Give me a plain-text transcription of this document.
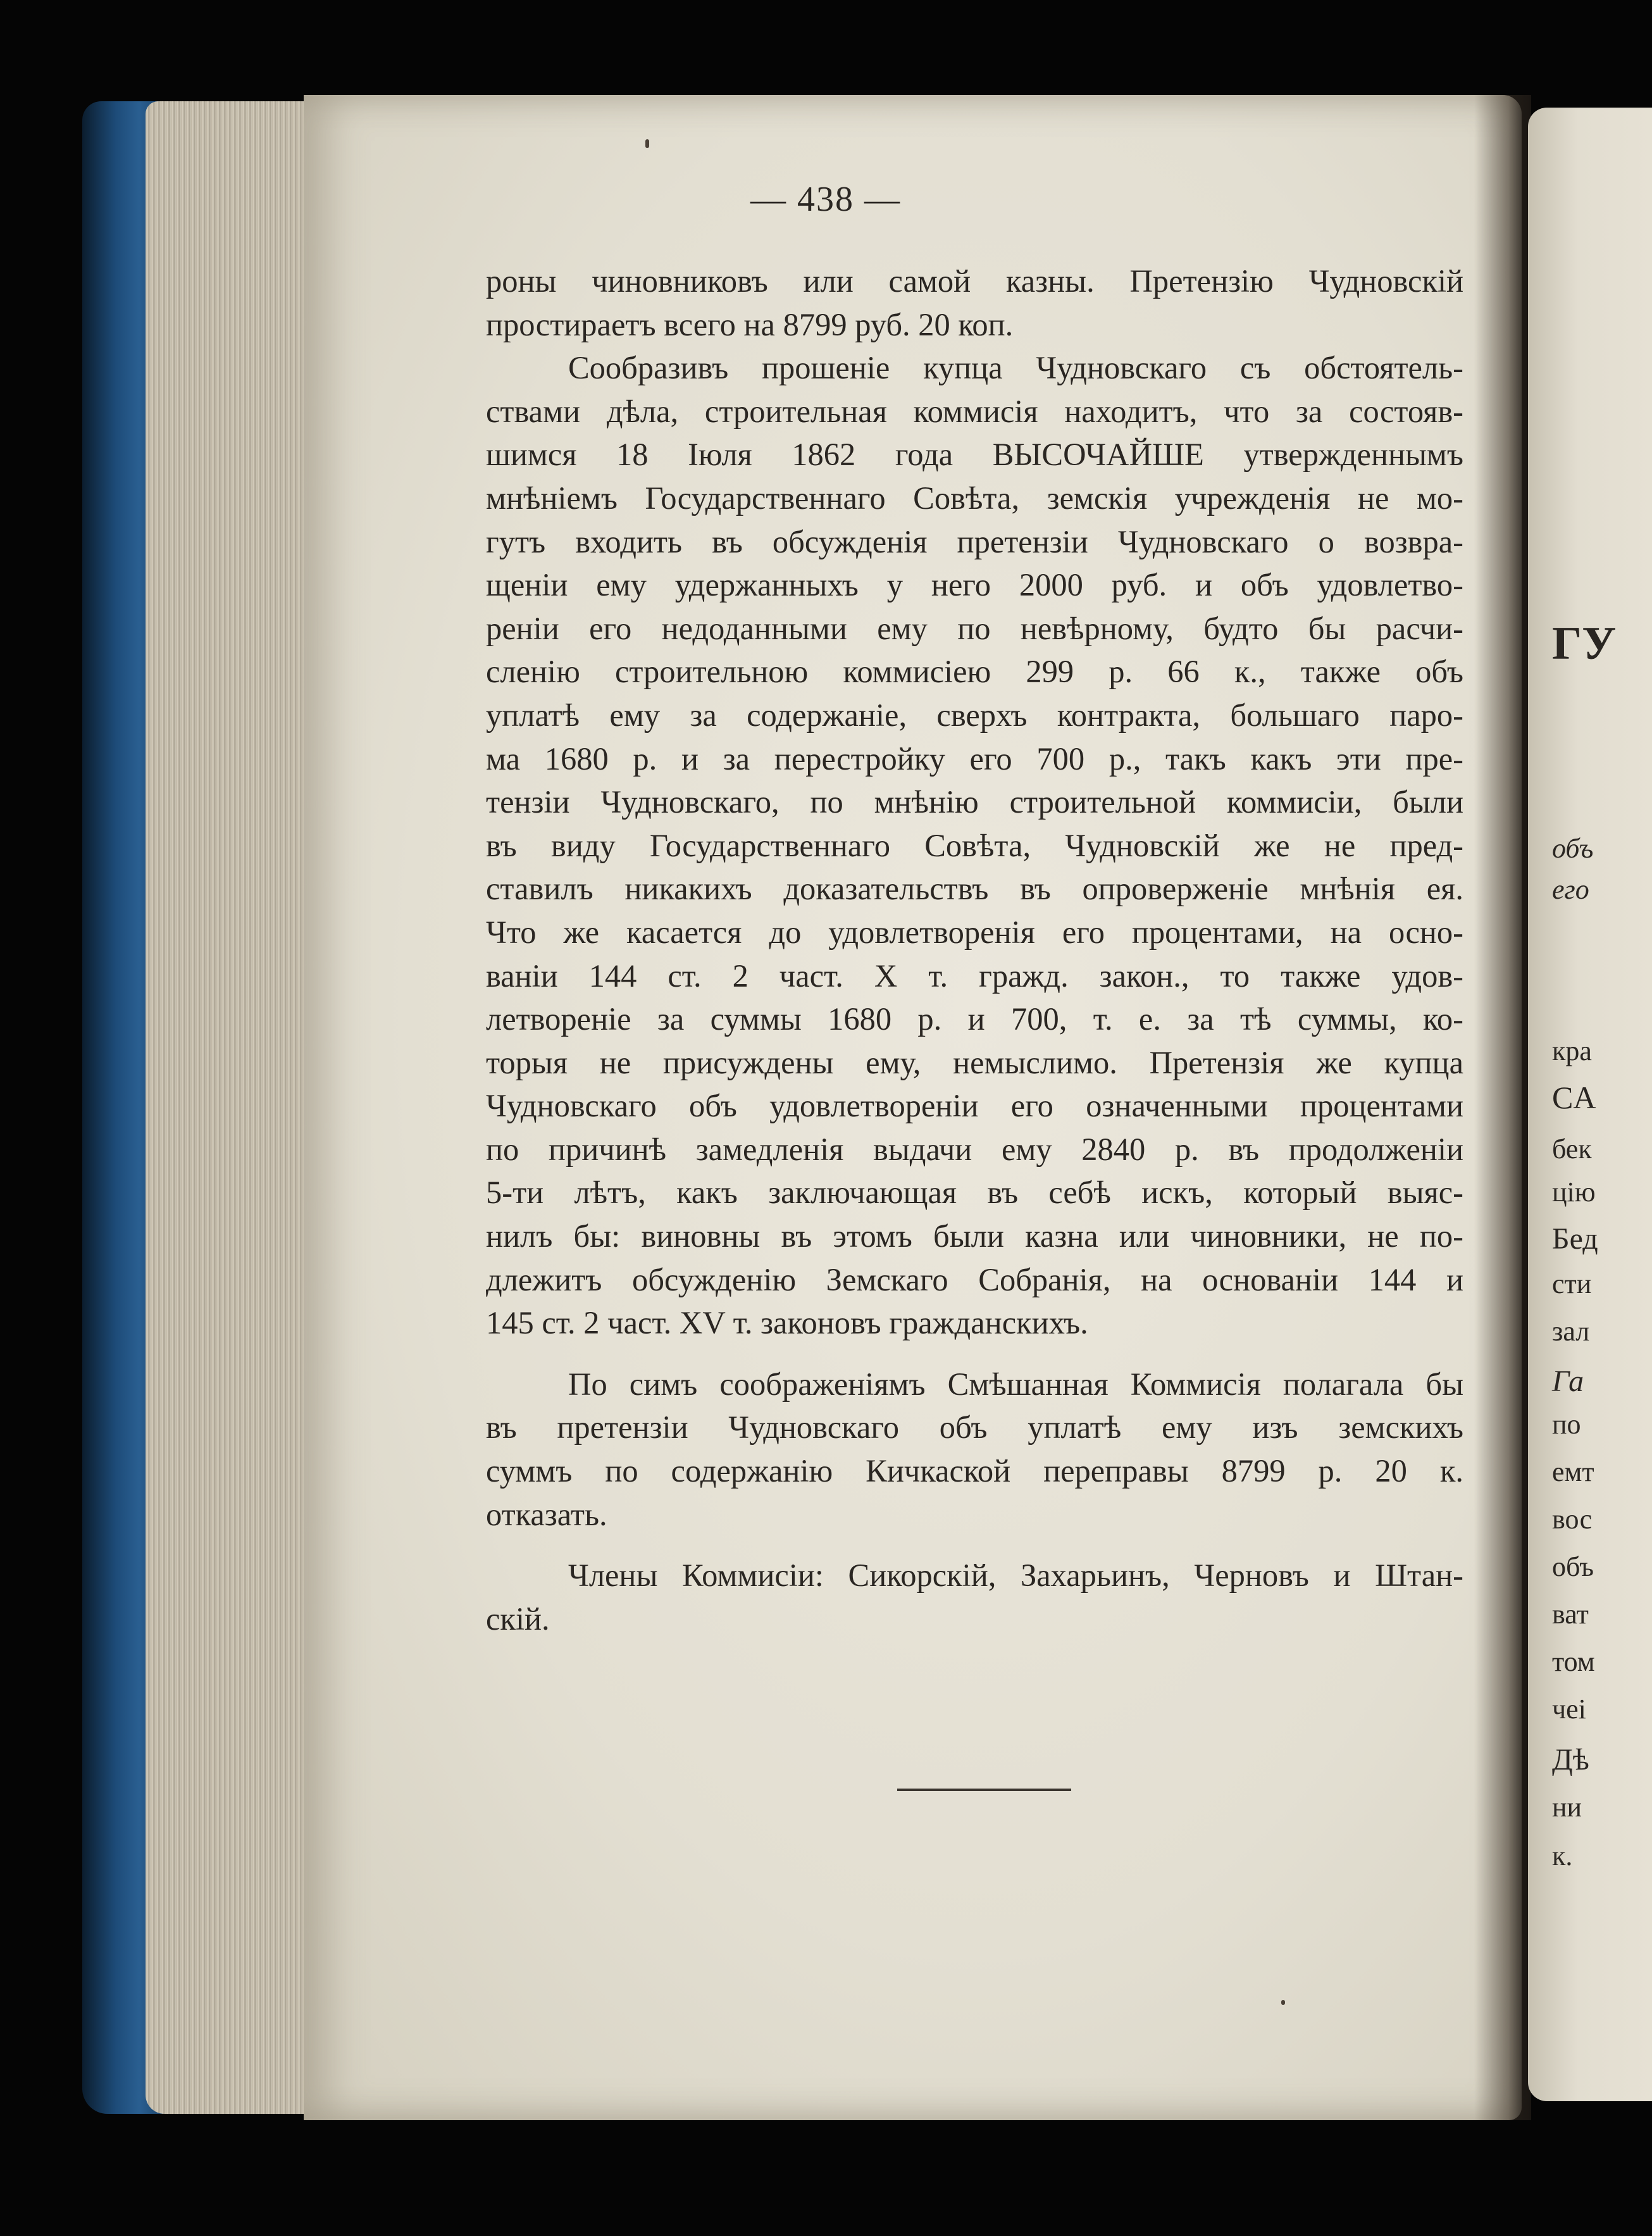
ГУ
объ
его
кра
CA
бек
цію
Бед
сти
зал
Га
по
емт
вос
объ
ват
том
чеі
Дѣ
ни
к.
— 438 —
роны чиновниковъ или самой казны. Претензію Чудновскій
простираетъ всего на 8799 руб. 20 коп.
Сообразивъ прошеніе купца Чудновскаго съ обстоятель-
ствами дѣла, строительная коммисія находитъ, что за состояв-
шимся 18 Іюля 1862 года ВЫСОЧАЙШЕ утвержденнымъ
мнѣніемъ Государственнаго Совѣта, земскія учрежденія не мо-
гутъ входить въ обсужденія претензіи Чудновскаго о возвра-
щеніи ему удержанныхъ у него 2000 руб. и объ удовлетво-
реніи его недоданными ему по невѣрному, будто бы расчи-
сленію строительною коммисіею 299 р. 66 к., также объ
уплатѣ ему за содержаніе, сверхъ контракта, большаго паро-
ма 1680 р. и за перестройку его 700 р., такъ какъ эти пре-
тензіи Чудновскаго, по мнѣнію строительной коммисіи, были
въ виду Государственнаго Совѣта, Чудновскій же не пред-
ставилъ никакихъ доказательствъ въ опроверженіе мнѣнія ея.
Что же касается до удовлетворенія его процентами, на осно-
ваніи 144 ст. 2 част. X т. гражд. закон., то также удов-
летвореніе за суммы 1680 р. и 700, т. е. за тѣ суммы, ко-
торыя не присуждены ему, немыслимо. Претензія же купца
Чудновскаго объ удовлетвореніи его означенными процентами
по причинѣ замедленія выдачи ему 2840 р. въ продолженіи
5-ти лѣтъ, какъ заключающая въ себѣ искъ, который выяс-
нилъ бы: виновны въ этомъ были казна или чиновники, не по-
длежитъ обсужденію Земскаго Собранія, на основаніи 144 и
145 ст. 2 част. XV т. законовъ гражданскихъ.
По симъ соображеніямъ Смѣшанная Коммисія полагала бы
въ претензіи Чудновскаго объ уплатѣ ему изъ земскихъ
суммъ по содержанію Кичкаской переправы 8799 р. 20 к.
отказать.
Члены Коммисіи: Сикорскій, Захарьинъ, Черновъ и Штан-
скій.
